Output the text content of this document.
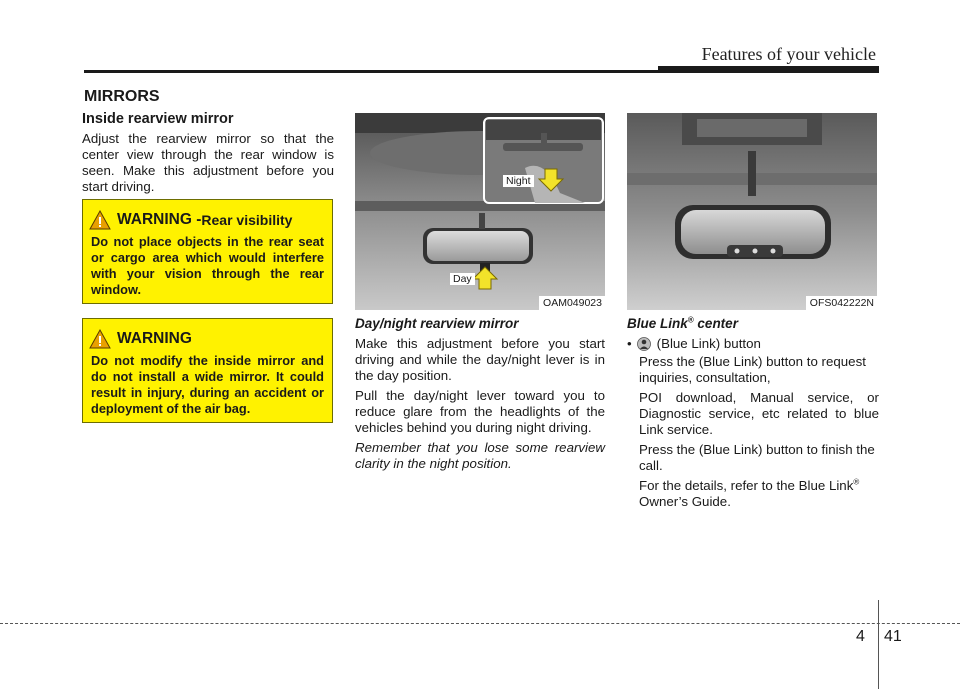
Features of your vehicle
MIRRORS
Inside rearview mirror
Adjust the rearview mirror so that the center view through the rear window is seen. Make this adjustment before you start driving.
WARNING - Rear visibility
Do not place objects in the rear seat or cargo area which would interfere with your vision through the rear window.
WARNING
Do not modify the inside mirror and do not install a wide mirror. It could result in injury, during an accident or deployment of the air bag.
Night
Day
OAM049023	OFS042222N
Day/night rearview mirror

Make this adjustment before you start driving and while the day/night lever is in the day position.

Pull the day/night lever toward you to reduce glare from the headlights of the vehicles behind you during night driving.

Remember that you lose some rearview clarity in the night position.

Blue Link® center
• (Blue Link) button
Press the (Blue Link) button to request inquiries, consultation,
POI download, Manual service, or Diagnostic service, etc related to blue Link service.
Press the (Blue Link) button to finish the call.
For the details, refer to the Blue Link®
Owner’s Guide.
4 41
